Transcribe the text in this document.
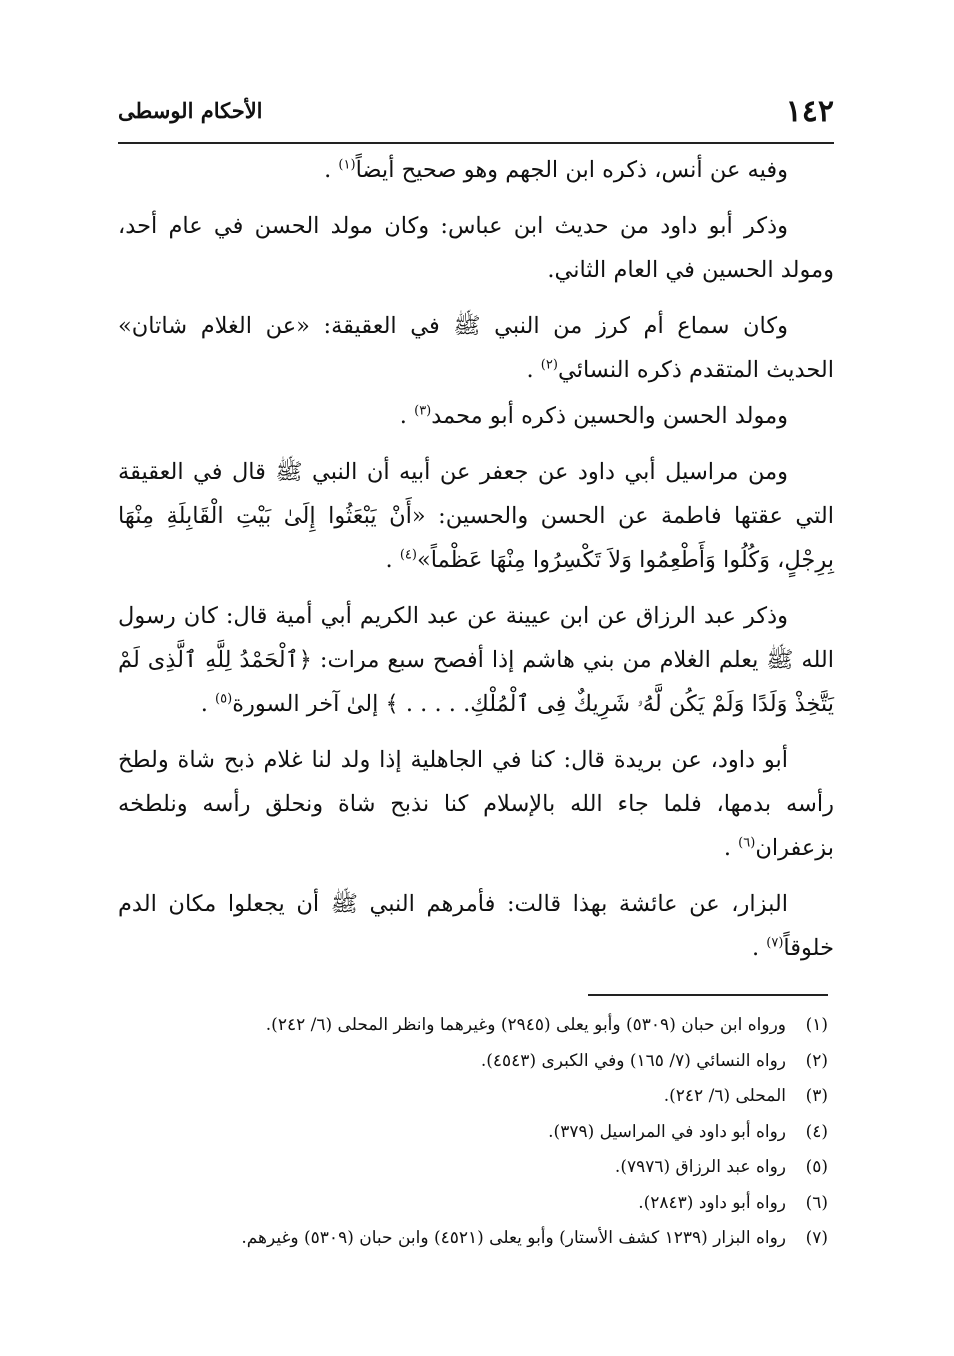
١٤٢
الأحكام الوسطى

وفيه عن أنس، ذكره ابن الجهم وهو صحيح أيضاً$^{(١)}$ .

وذكر أبو داود من حديث ابن عباس: وكان مولد الحسن في عام أحد، ومولد الحسين في العام الثاني.

وكان سماع أم كرز من النبي ﷺ في العقيقة: «عن الغلام شاتان» الحديث المتقدم ذكره النسائي$^{(٢)}$ .

ومولد الحسن والحسين ذكره أبو محمد$^{(٣)}$ .

ومن مراسيل أبي داود عن جعفر عن أبيه أن النبي ﷺ قال في العقيقة التي عقتها فاطمة عن الحسن والحسين: «أَنْ يَبْعَثُوا إِلَىٰ بَيْتِ الْقَابِلَةِ مِنْهَا بِرِجْلٍ، وَكُلُوا وَأَطْعِمُوا وَلاَ تَكْسِرُوا مِنْهَا عَظْماً»$^{(٤)}$ .

وذكر عبد الرزاق عن ابن عيينة عن عبد الكريم أبي أمية قال: كان رسول الله ﷺ يعلم الغلام من بني هاشم إذا أفصح سبع مرات: ﴿ٱلْحَمْدُ لِلَّهِ ٱلَّذِى لَمْ يَتَّخِذْ وَلَدًا وَلَمْ يَكُن لَّهُۥ شَرِيكٌ فِى ٱلْمُلْكِ. . . . . ﴾ إلىٰ آخر السورة$^{(٥)}$ .

أبو داود، عن بريدة قال: كنا في الجاهلية إذا ولد لنا غلام ذبح شاة ولطخ رأسه بدمها، فلما جاء الله بالإسلام كنا نذبح شاة ونحلق رأسه ونلطخه بزعفران$^{(٦)}$ .

البزار، عن عائشة بهذا قالت: فأمرهم النبي ﷺ أن يجعلوا مكان الدم خلوقاً$^{(٧)}$ .

(١)ورواه ابن حبان (٥٣٠٩) وأبو يعلى (٢٩٤٥) وغيرهما وانظر المحلى (٦/ ٢٤٢).
(٢)رواه النسائي (٧/ ١٦٥) وفي الكبرى (٤٥٤٣).
(٣)المحلى (٦/ ٢٤٢).
(٤)رواه أبو داود في المراسيل (٣٧٩).
(٥)رواه عبد الرزاق (٧٩٧٦).
(٦)رواه أبو داود (٢٨٤٣).
(٧)رواه البزار (١٢٣٩ كشف الأستار) وأبو يعلى (٤٥٢١) وابن حبان (٥٣٠٩) وغيرهم.
